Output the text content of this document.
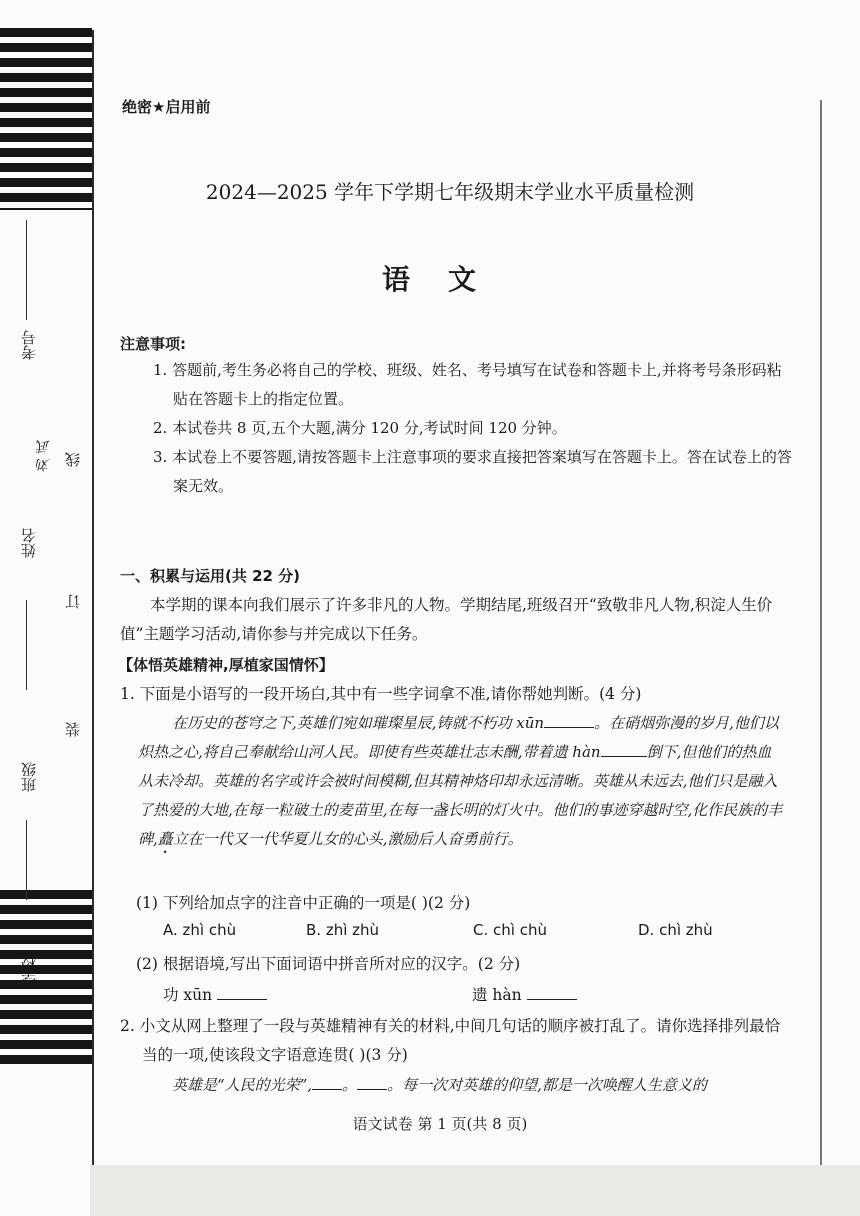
考号
姓名
刘 武
班级
学校
线
订
装
绝密★启用前
2024—2025 学年下学期七年级期末学业水平质量检测
语文
注意事项:
1. 答题前,考生务必将自己的学校、班级、姓名、考号填写在试卷和答题卡上,并将考号条形码粘贴在答题卡上的指定位置。
2. 本试卷共 8 页,五个大题,满分 120 分,考试时间 120 分钟。
3. 本试卷上不要答题,请按答题卡上注意事项的要求直接把答案填写在答题卡上。答在试卷上的答案无效。
一、积累与运用(共 22 分)
本学期的课本向我们展示了许多非凡的人物。学期结尾,班级召开“致敬非凡人物,积淀人生价值”主题学习活动,请你参与并完成以下任务。
【体悟英雄精神,厚植家国情怀】
1. 下面是小语写的一段开场白,其中有一些字词拿不准,请你帮她判断。(4 分)
在历史的苍穹之下,英雄们宛如璀璨星辰,铸就不朽功 xūn	。在硝烟弥漫的岁月,他们以炽热之心,将自己奉献给山河人民。即使有些英雄壮志未酬,带着遗 hàn	倒下,但他们的热血从未冷却。英雄的名字或许会被时间模糊,但其精神烙印却永远清晰。英雄从未远去,他们只是融入了热爱的大地,在每一粒破土的麦苗里,在每一盏长明的灯火中。他们的事迹穿越时空,化作民族的丰碑,矗立在一代又一代华夏儿女的心头,激励后人奋勇前行。
(1) 下列给加点字的注音中正确的一项是( )(2 分)
A. zhì chù	B. zhì zhù	C. chì chù	D. chì zhù
(2) 根据语境,写出下面词语中拼音所对应的汉字。(2 分)
功 xūn	遗 hàn
2. 小文从网上整理了一段与英雄精神有关的材料,中间几句话的顺序被打乱了。请你选择排列最恰当的一项,使该段文字语意连贯( )(3 分)
英雄是“人民的光荣”, 。 。每一次对英雄的仰望,都是一次唤醒人生意义的
语文试卷 第 1 页(共 8 页)
